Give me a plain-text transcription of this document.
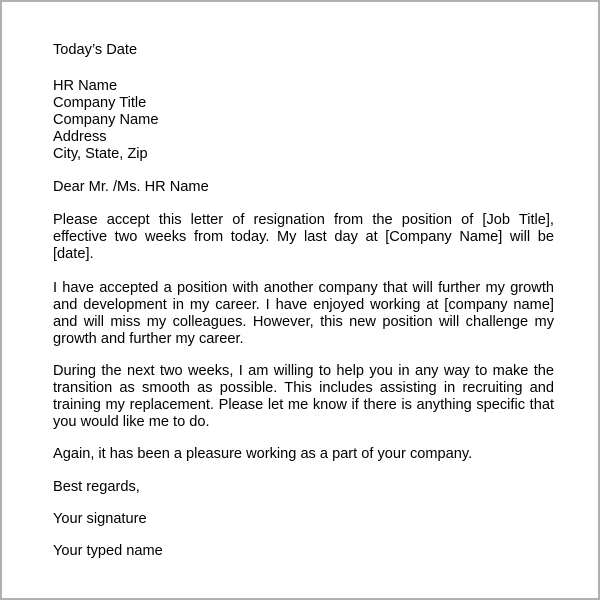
Today’s Date

HR Name
Company Title
Company Name
Address
City, State, Zip

Dear Mr. /Ms. HR Name

Please accept this letter of resignation from the position of [Job Title], effective two weeks from today. My last day at [Company Name] will be [date].

I have accepted a position with another company that will further my growth and development in my career. I have enjoyed working at [company name] and will miss my colleagues. However, this new position will challenge my growth and further my career.

During the next two weeks, I am willing to help you in any way to make the transition as smooth as possible. This includes assisting in recruiting and training my replacement. Please let me know if there is anything specific that you would like me to do.

Again, it has been a pleasure working as a part of your company.

Best regards,

Your signature

Your typed name
